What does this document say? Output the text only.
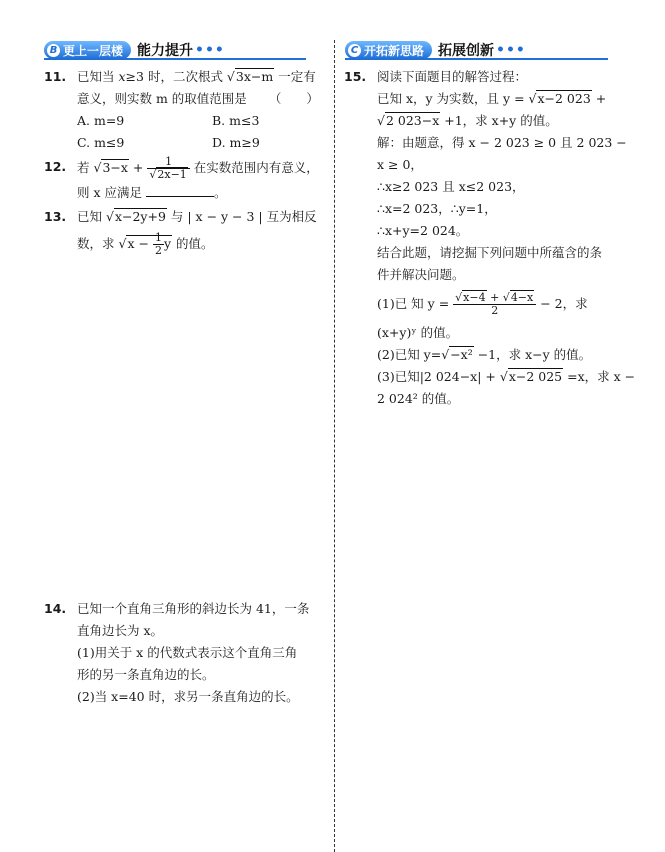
B 更上一层楼 能力提升 •••	C 开拓新思路 拓展创新 •••
11. 已知当 x≥3 时，二次根式 √3x−m 一定有
意义，则实数 m 的取值范围是 （　　）
A. m=9	B. m≤3
C. m≤9	D. m≥9
12. 若 $√3-x + \frac{1}{√2x-1}$ 在实数范围内有意义，
则 x 应满足	。
13. 已知 √x−2y+9 与 | x − y − 3 | 互为相反
数，求 $√x - \frac{1}{2}$ y 的值。
14. 已知一个直角三角形的斜边长为 41，一条
直角边长为 x。
(1)用关于 x 的代数式表示这个直角三角
形的另一条直角边的长。
(2)当 x=40 时，求另一条直角边的长。
15. 阅读下面题目的解答过程：
已知 x，y 为实数，且 y = √x−2 023 +
√2 023−x +1，求 x+y 的值。
解：由题意，得 x − 2 023 ≥ 0 且 2 023 −
x ≥ 0，
∴x≥2 023 且 x≤2 023，
∴x=2 023，∴y=1，
∴x+y=2 024。
结合此题，请挖掘下列问题中所蕴含的条
件并解决问题。
(1)已 知 $y = \frac{√x-4 + √4-x}{2} - 2$，求
(x+y)ʸ 的值。
(2)已知 y=√−x² −1，求 x−y 的值。
(3)已知|2 024−x| + √x−2 025 =x，求 x −
2 024² 的值。
